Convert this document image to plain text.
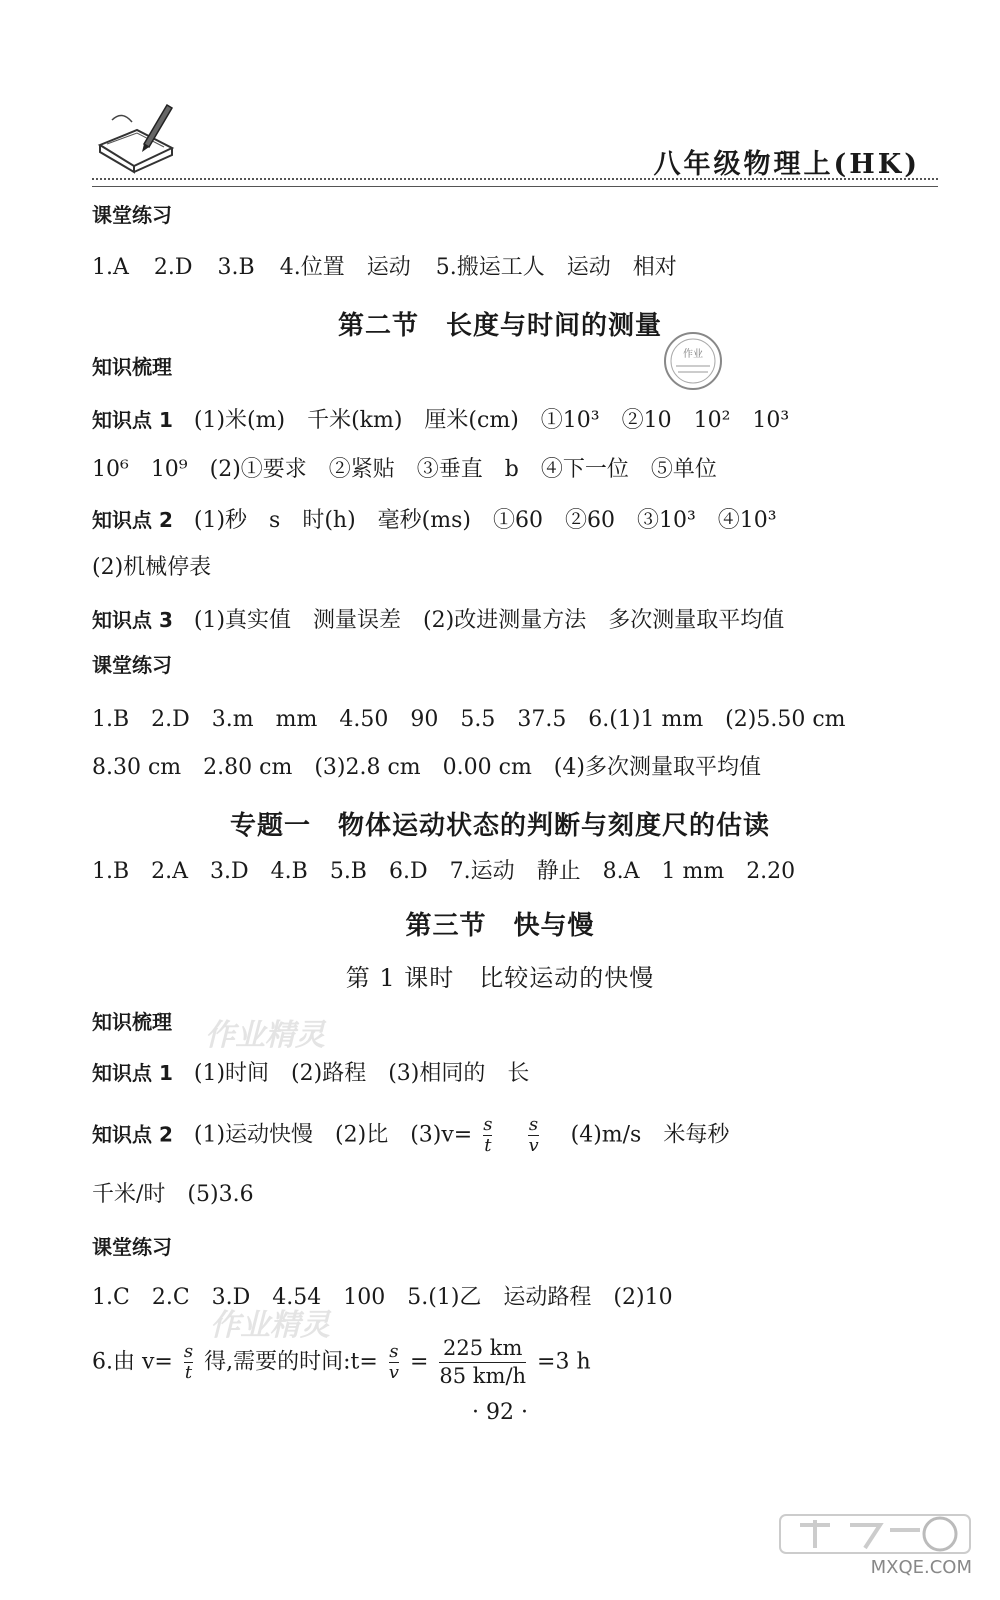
八年级物理上(HK)
课堂练习
1.A 2.D 3.B 4.位置　运动 5.搬运工人　运动　相对
第二节　长度与时间的测量
作业
知识梳理
知识点 1 (1)米(m)　千米(km)　厘米(cm)　①10³　②10　10²　10³
10⁶　10⁹　(2)①要求　②紧贴　③垂直　b　④下一位　⑤单位
知识点 2 (1)秒　s　时(h)　毫秒(ms)　①60　②60　③10³　④10³
(2)机械停表
知识点 3 (1)真实值　测量误差　(2)改进测量方法　多次测量取平均值
课堂练习
1.B　2.D　3.m　mm　4.50　90　5.5　37.5　6.(1)1 mm　(2)5.50 cm
8.30 cm　2.80 cm　(3)2.8 cm　0.00 cm　(4)多次测量取平均值
专题一　物体运动状态的判断与刻度尺的估读
1.B　2.A　3.D　4.B　5.B　6.D　7.运动　静止　8.A　1 mm　2.20
第三节　快与慢
第 1 课时　比较运动的快慢
作业精灵
知识梳理
知识点 1 (1)时间　(2)路程　(3)相同的　长
知识点 2 (1)运动快慢　(2)比　$(3)v= \frac{s}{t}$
$\frac{s}{v} (4)m/s$　米每秒
千米/时　(5)3.6
课堂练习
作业精灵
1.C　2.C　3.D　4.54　100　5.(1)乙　运动路程　(2)10
6.由 $v= \frac{s}{t}$ 得,需要的时间:t= $\frac{s}{v} = \frac{225 km}{85 km/h} =3$ h
· 92 ·
MXQE.COM
